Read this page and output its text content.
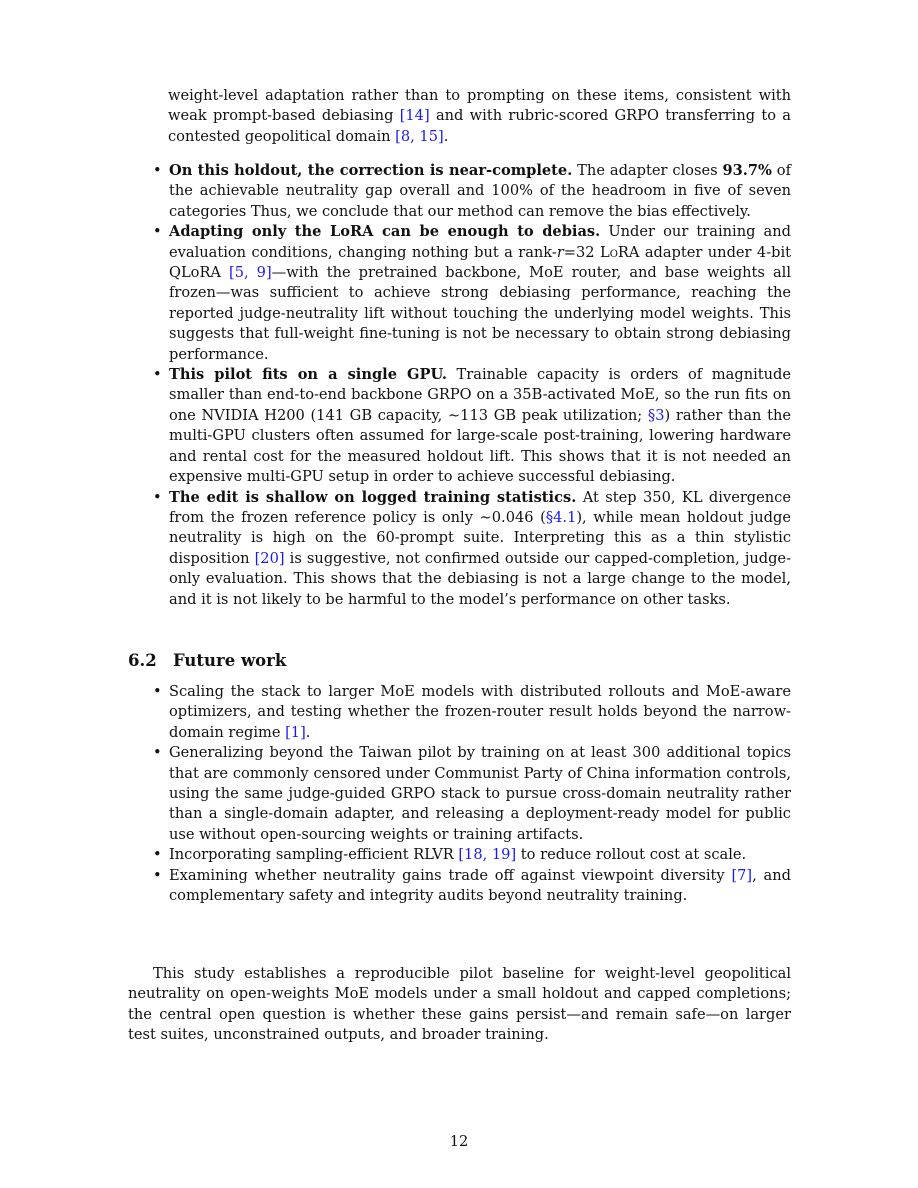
weight-level adaptation rather than to prompting on these items, consistent with weak prompt-based debiasing [14] and with rubric-scored GRPO transferring to a contested geopolitical domain [8, 15].

• On this holdout, the correction is near-complete. The adapter closes 93.7% of the achievable neutrality gap overall and 100% of the headroom in five of seven categories Thus, we conclude that our method can remove the bias effectively.
• Adapting only the LoRA can be enough to debias. Under our training and evaluation conditions, changing nothing but a rank-r=32 LoRA adapter under 4-bit QLoRA [5, 9]—with the pretrained backbone, MoE router, and base weights all frozen—was sufficient to achieve strong debiasing performance, reaching the reported judge-neutrality lift without touching the underlying model weights. This suggests that full-weight fine-tuning is not be necessary to obtain strong debiasing performance.
• This pilot fits on a single GPU. Trainable capacity is orders of magnitude smaller than end-to-end backbone GRPO on a 35B-activated MoE, so the run fits on one NVIDIA H200 (141 GB capacity, ∼113 GB peak utilization; §3) rather than the multi-GPU clusters often assumed for large-scale post-training, lowering hardware and rental cost for the measured holdout lift. This shows that it is not needed an expensive multi-GPU setup in order to achieve successful debiasing.
• The edit is shallow on logged training statistics. At step 350, KL divergence from the frozen reference policy is only ∼0.046 (§4.1), while mean holdout judge neutrality is high on the 60-prompt suite. Interpreting this as a thin stylistic disposition [20] is suggestive, not confirmed outside our capped-completion, judge-only evaluation. This shows that the debiasing is not a large change to the model, and it is not likely to be harmful to the model’s performance on other tasks.
6.2 Future work
• Scaling the stack to larger MoE models with distributed rollouts and MoE-aware optimizers, and testing whether the frozen-router result holds beyond the narrow-domain regime [1].
• Generalizing beyond the Taiwan pilot by training on at least 300 additional topics that are commonly censored under Communist Party of China information controls, using the same judge-guided GRPO stack to pursue cross-domain neutrality rather than a single-domain adapter, and releasing a deployment-ready model for public use without open-sourcing weights or training artifacts.
• Incorporating sampling-efficient RLVR [18, 19] to reduce rollout cost at scale.
• Examining whether neutrality gains trade off against viewpoint diversity [7], and complementary safety and integrity audits beyond neutrality training.

This study establishes a reproducible pilot baseline for weight-level geopolitical neutrality on open-weights MoE models under a small holdout and capped completions; the central open question is whether these gains persist—and remain safe—on larger test suites, unconstrained outputs, and broader training.

12
